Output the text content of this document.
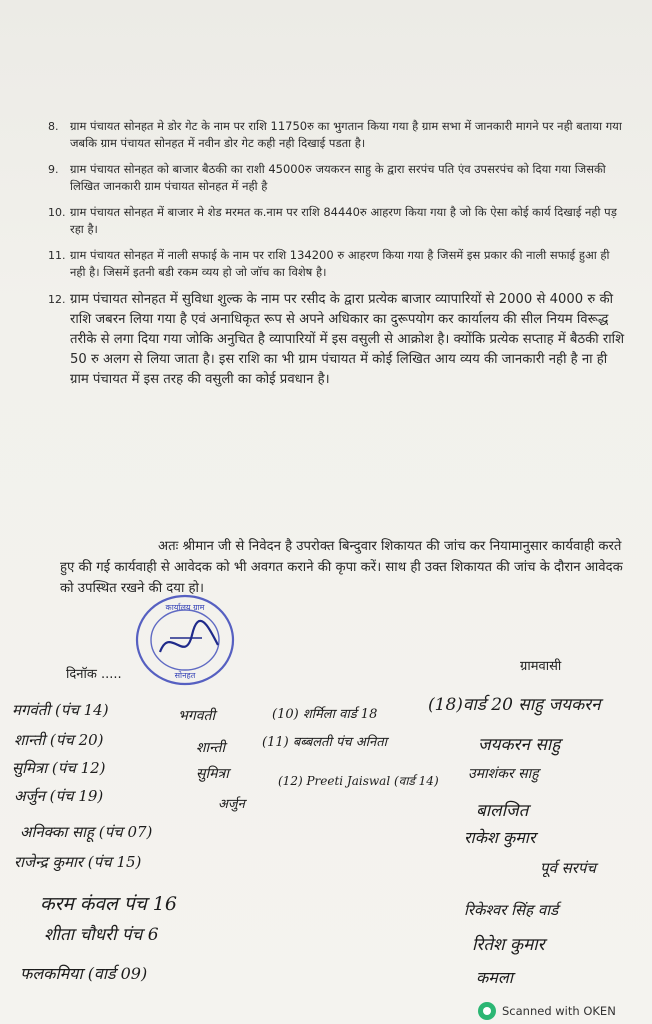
8.	ग्राम पंचायत सोनहत मे डोर गेट के नाम पर राशि 11750रु का भुगतान किया गया है ग्राम सभा में जानकारी मागने पर नही बताया गया जबकि ग्राम पंचायत सोनहत में नवीन डोर गेट कही नही दिखाई पडता है।
9.	ग्राम पंचायत सोनहत को बाजार बैठकी का राशी 45000रु जयकरन साहु के द्वारा सरपंच पति एंव उपसरपंच को दिया गया जिसकी लिखित जानकारी ग्राम पंचायत सोनहत में नही है
10. ग्राम पंचायत सोनहत में बाजार मे शेड मरमत क.नाम पर राशि 84440रु आहरण किया गया है जो कि ऐसा कोई कार्य दिखाई नही पड़ रहा है।
11. ग्राम पंचायत सोनहत में नाली सफाई के नाम पर राशि 134200 रु आहरण किया गया है जिसमें इस प्रकार की नाली सफाई हुआ ही नही है। जिसमें इतनी बडी रकम व्यय हो जो जॉच का विशेष है।
12. ग्राम पंचायत सोनहत में सुविधा शुल्क के नाम पर रसीद के द्वारा प्रत्येक बाजार व्यापारियों से 2000 से 4000 रु की राशि जबरन लिया गया है एवं अनाधिकृत रूप से अपने अधिकार का दुरूपयोग कर कार्यालय की सील नियम विरूद्ध तरीके से लगा दिया गया जोकि अनुचित है व्यापारियों में इस वसुली से आक्रोश है। क्योंकि प्रत्येक सप्ताह में बैठकी राशि 50 रु अलग से लिया जाता है। इस राशि का भी ग्राम पंचायत में कोई लिखित आय व्यय की जानकारी नही है ना ही ग्राम पंचायत में इस तरह की वसुली का कोई प्रवधान है।
अतः श्रीमान जी से निवेदन है उपरोक्त बिन्दुवार शिकायत की जांच कर नियामानुसार कार्यवाही करते हुए की गई कार्यवाही से आवेदक को भी अवगत कराने की कृपा करें। साथ ही उक्त शिकायत की जांच के दौरान आवेदक को उपस्थित रखने की दया हो।
कार्यालय ग्राम
सोनहत
दिनॉक .....
ग्रामवासी
मगवंती (पंच 14)
शान्ती (पंच 20)
सुमित्रा (पंच 12)
अर्जुन (पंच 19)
अनिक्का साहू (पंच 07)
राजेन्द्र कुमार (पंच 15)
करम कंवल पंच 16
शीता चौधरी पंच 6
फलकमिया (वार्ड 09)
भगवती	(10) शर्मिला वार्ड 18
शान्ती	(11) बब्बलती पंच अनिता
सुमित्रा	(12) Preeti Jaiswal (वार्ड 14)
अर्जुन
(18)वार्ड 20 साहु जयकरन
जयकरन साहु
उमाशंकर साहु
बालजित
राकेश कुमार
पूर्व सरपंच
रिकेश्वर सिंह वार्ड
रितेश कुमार
कमला
Scanned with OKEN
